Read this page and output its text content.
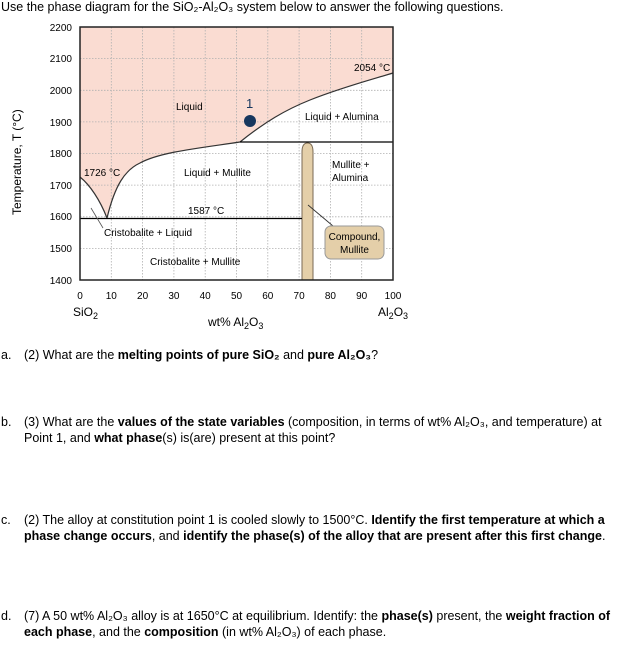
Use the phase diagram for the SiO₂-Al₂O₃ system below to answer the following questions.
Compound,
Mullite
1
Liquid
Liquid + Alumina
Liquid + Mullite
Mullite +
Alumina
Cristobalite + Liquid
Cristobalite + Mullite
1726 °C
2054 °C
1587 °C
2200
2100
2000
1900
1800
1700
1600
1500
1400
0 10 20 30 40 50 60 70 80 90 100
SiO$_2$	$Al_2O_3$
wt% $Al_2O_3$
Temperature, T (°C)
a. (2) What are the melting points of pure SiO₂ and pure Al₂O₃?
b. (3) What are the values of the state variables (composition, in terms of wt% Al₂O₃, and temperature) at Point 1, and what phase(s) is(are) present at this point?
c. (2) The alloy at constitution point 1 is cooled slowly to 1500°C. Identify the first temperature at which a phase change occurs, and identify the phase(s) of the alloy that are present after this first change.
d. (7) A 50 wt% Al₂O₃ alloy is at 1650°C at equilibrium. Identify: the phase(s) present, the weight fraction of each phase, and the composition (in wt% Al₂O₃) of each phase.
